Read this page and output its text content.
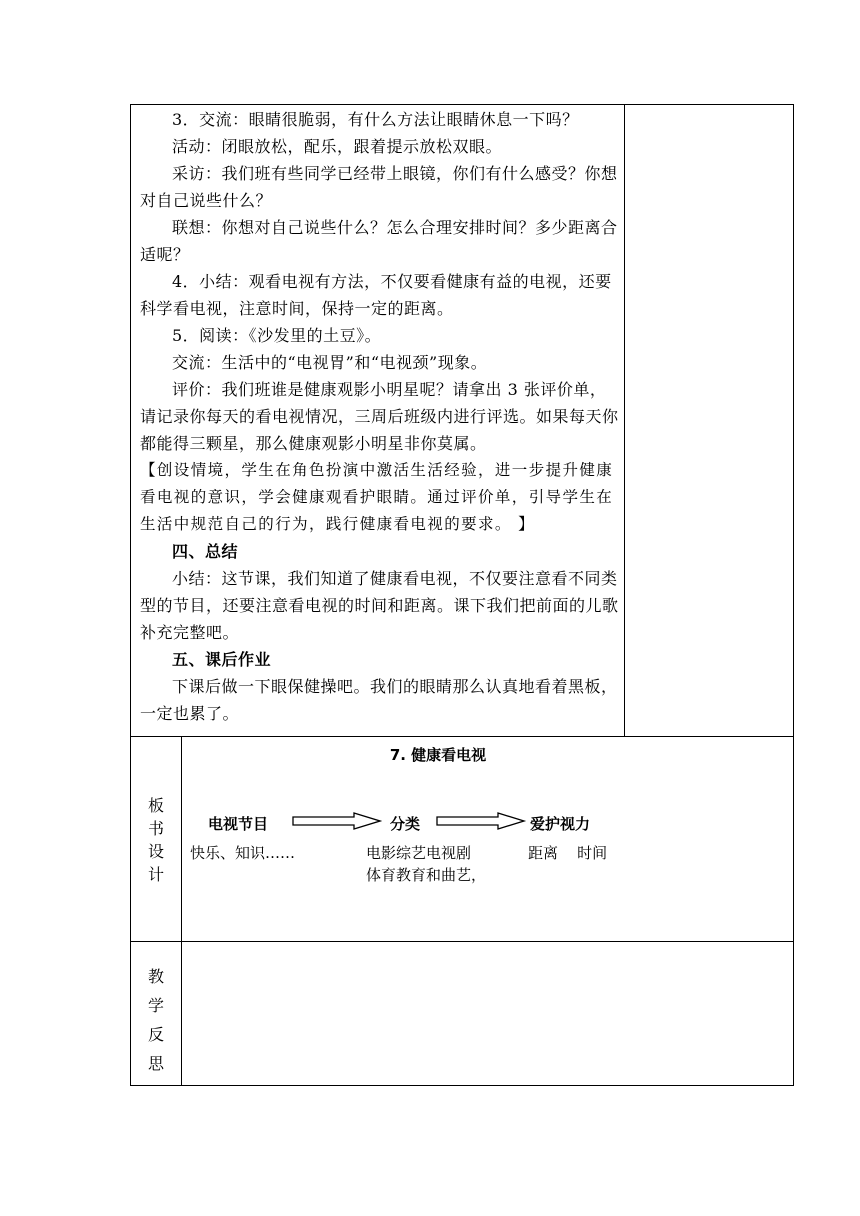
3．交流：眼睛很脆弱，有什么方法让眼睛休息一下吗？

活动：闭眼放松，配乐，跟着提示放松双眼。

采访：我们班有些同学已经带上眼镜，你们有什么感受？你想对自己说些什么？

联想：你想对自己说些什么？怎么合理安排时间？多少距离合适呢？

4．小结：观看电视有方法，不仅要看健康有益的电视，还要科学看电视，注意时间，保持一定的距离。

5．阅读：《沙发里的土豆》。

交流：生活中的“电视胃”和“电视颈”现象。

评价：我们班谁是健康观影小明星呢？请拿出 3 张评价单，请记录你每天的看电视情况，三周后班级内进行评选。如果每天你都能得三颗星，那么健康观影小明星非你莫属。

【创设情境，学生在角色扮演中激活生活经验，进一步提升健康看电视的意识，学会健康观看护眼睛。通过评价单，引导学生在生活中规范自己的行为，践行健康看电视的要求。 】

四、总结

小结：这节课，我们知道了健康看电视，不仅要注意看不同类型的节目，还要注意看电视的时间和距离。课下我们把前面的儿歌补充完整吧。

五、课后作业

下课后做一下眼保健操吧。我们的眼睛那么认真地看着黑板，一定也累了。

板
书
设
计
7. 健康看电视
电视节目	分类	爱护视力
快乐、知识……	电影综艺电视剧
体育教育和曲艺，
距离    时间
教
学
反
思
